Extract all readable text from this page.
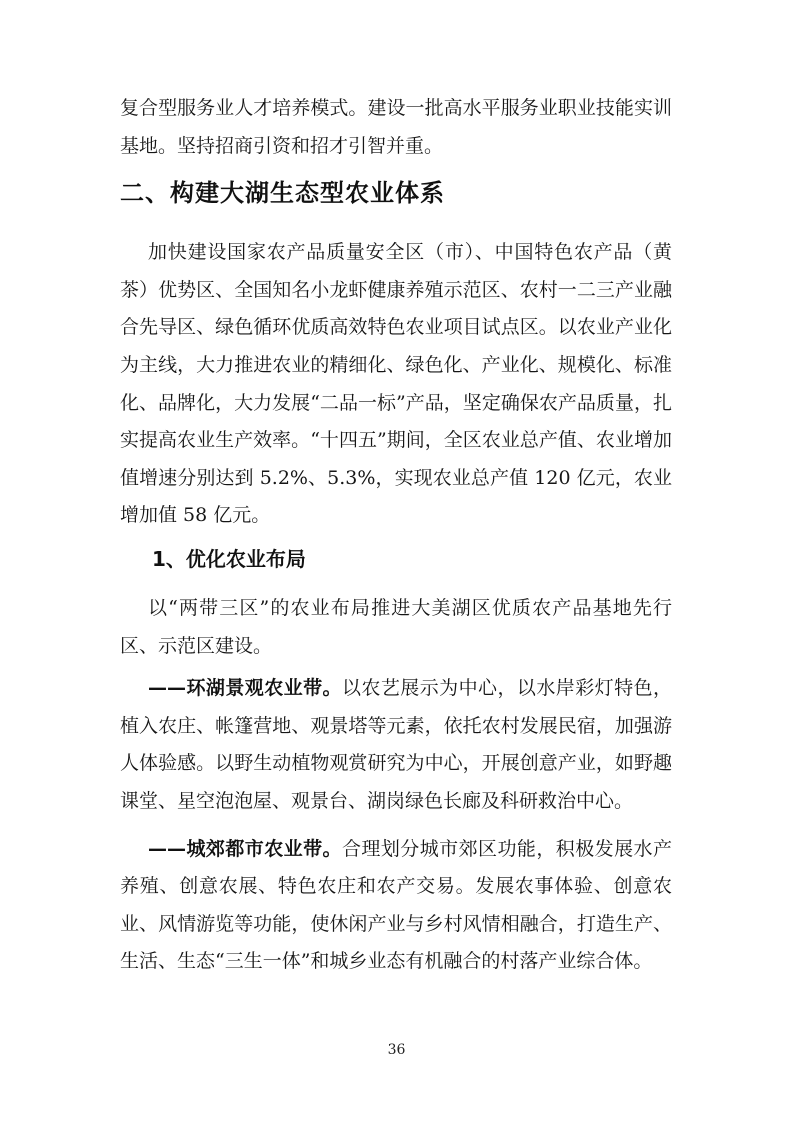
复合型服务业人才培养模式。建设一批高水平服务业职业技能实训基地。坚持招商引资和招才引智并重。

二、构建大湖生态型农业体系

加快建设国家农产品质量安全区（市）、中国特色农产品（黄茶）优势区、全国知名小龙虾健康养殖示范区、农村一二三产业融合先导区、绿色循环优质高效特色农业项目试点区。以农业产业化为主线，大力推进农业的精细化、绿色化、产业化、规模化、标准化、品牌化，大力发展“二品一标”产品，坚定确保农产品质量，扎实提高农业生产效率。“十四五”期间，全区农业总产值、农业增加值增速分别达到 5.2%、5.3%，实现农业总产值 120 亿元，农业增加值 58 亿元。

1、优化农业布局

以“两带三区”的农业布局推进大美湖区优质农产品基地先行区、示范区建设。

——环湖景观农业带。以农艺展示为中心，以水岸彩灯特色，植入农庄、帐篷营地、观景塔等元素，依托农村发展民宿，加强游人体验感。以野生动植物观赏研究为中心，开展创意产业，如野趣课堂、星空泡泡屋、观景台、湖岗绿色长廊及科研救治中心。

——城郊都市农业带。合理划分城市郊区功能，积极发展水产养殖、创意农展、特色农庄和农产交易。发展农事体验、创意农业、风情游览等功能，使休闲产业与乡村风情相融合，打造生产、生活、生态“三生一体”和城乡业态有机融合的村落产业综合体。

36
